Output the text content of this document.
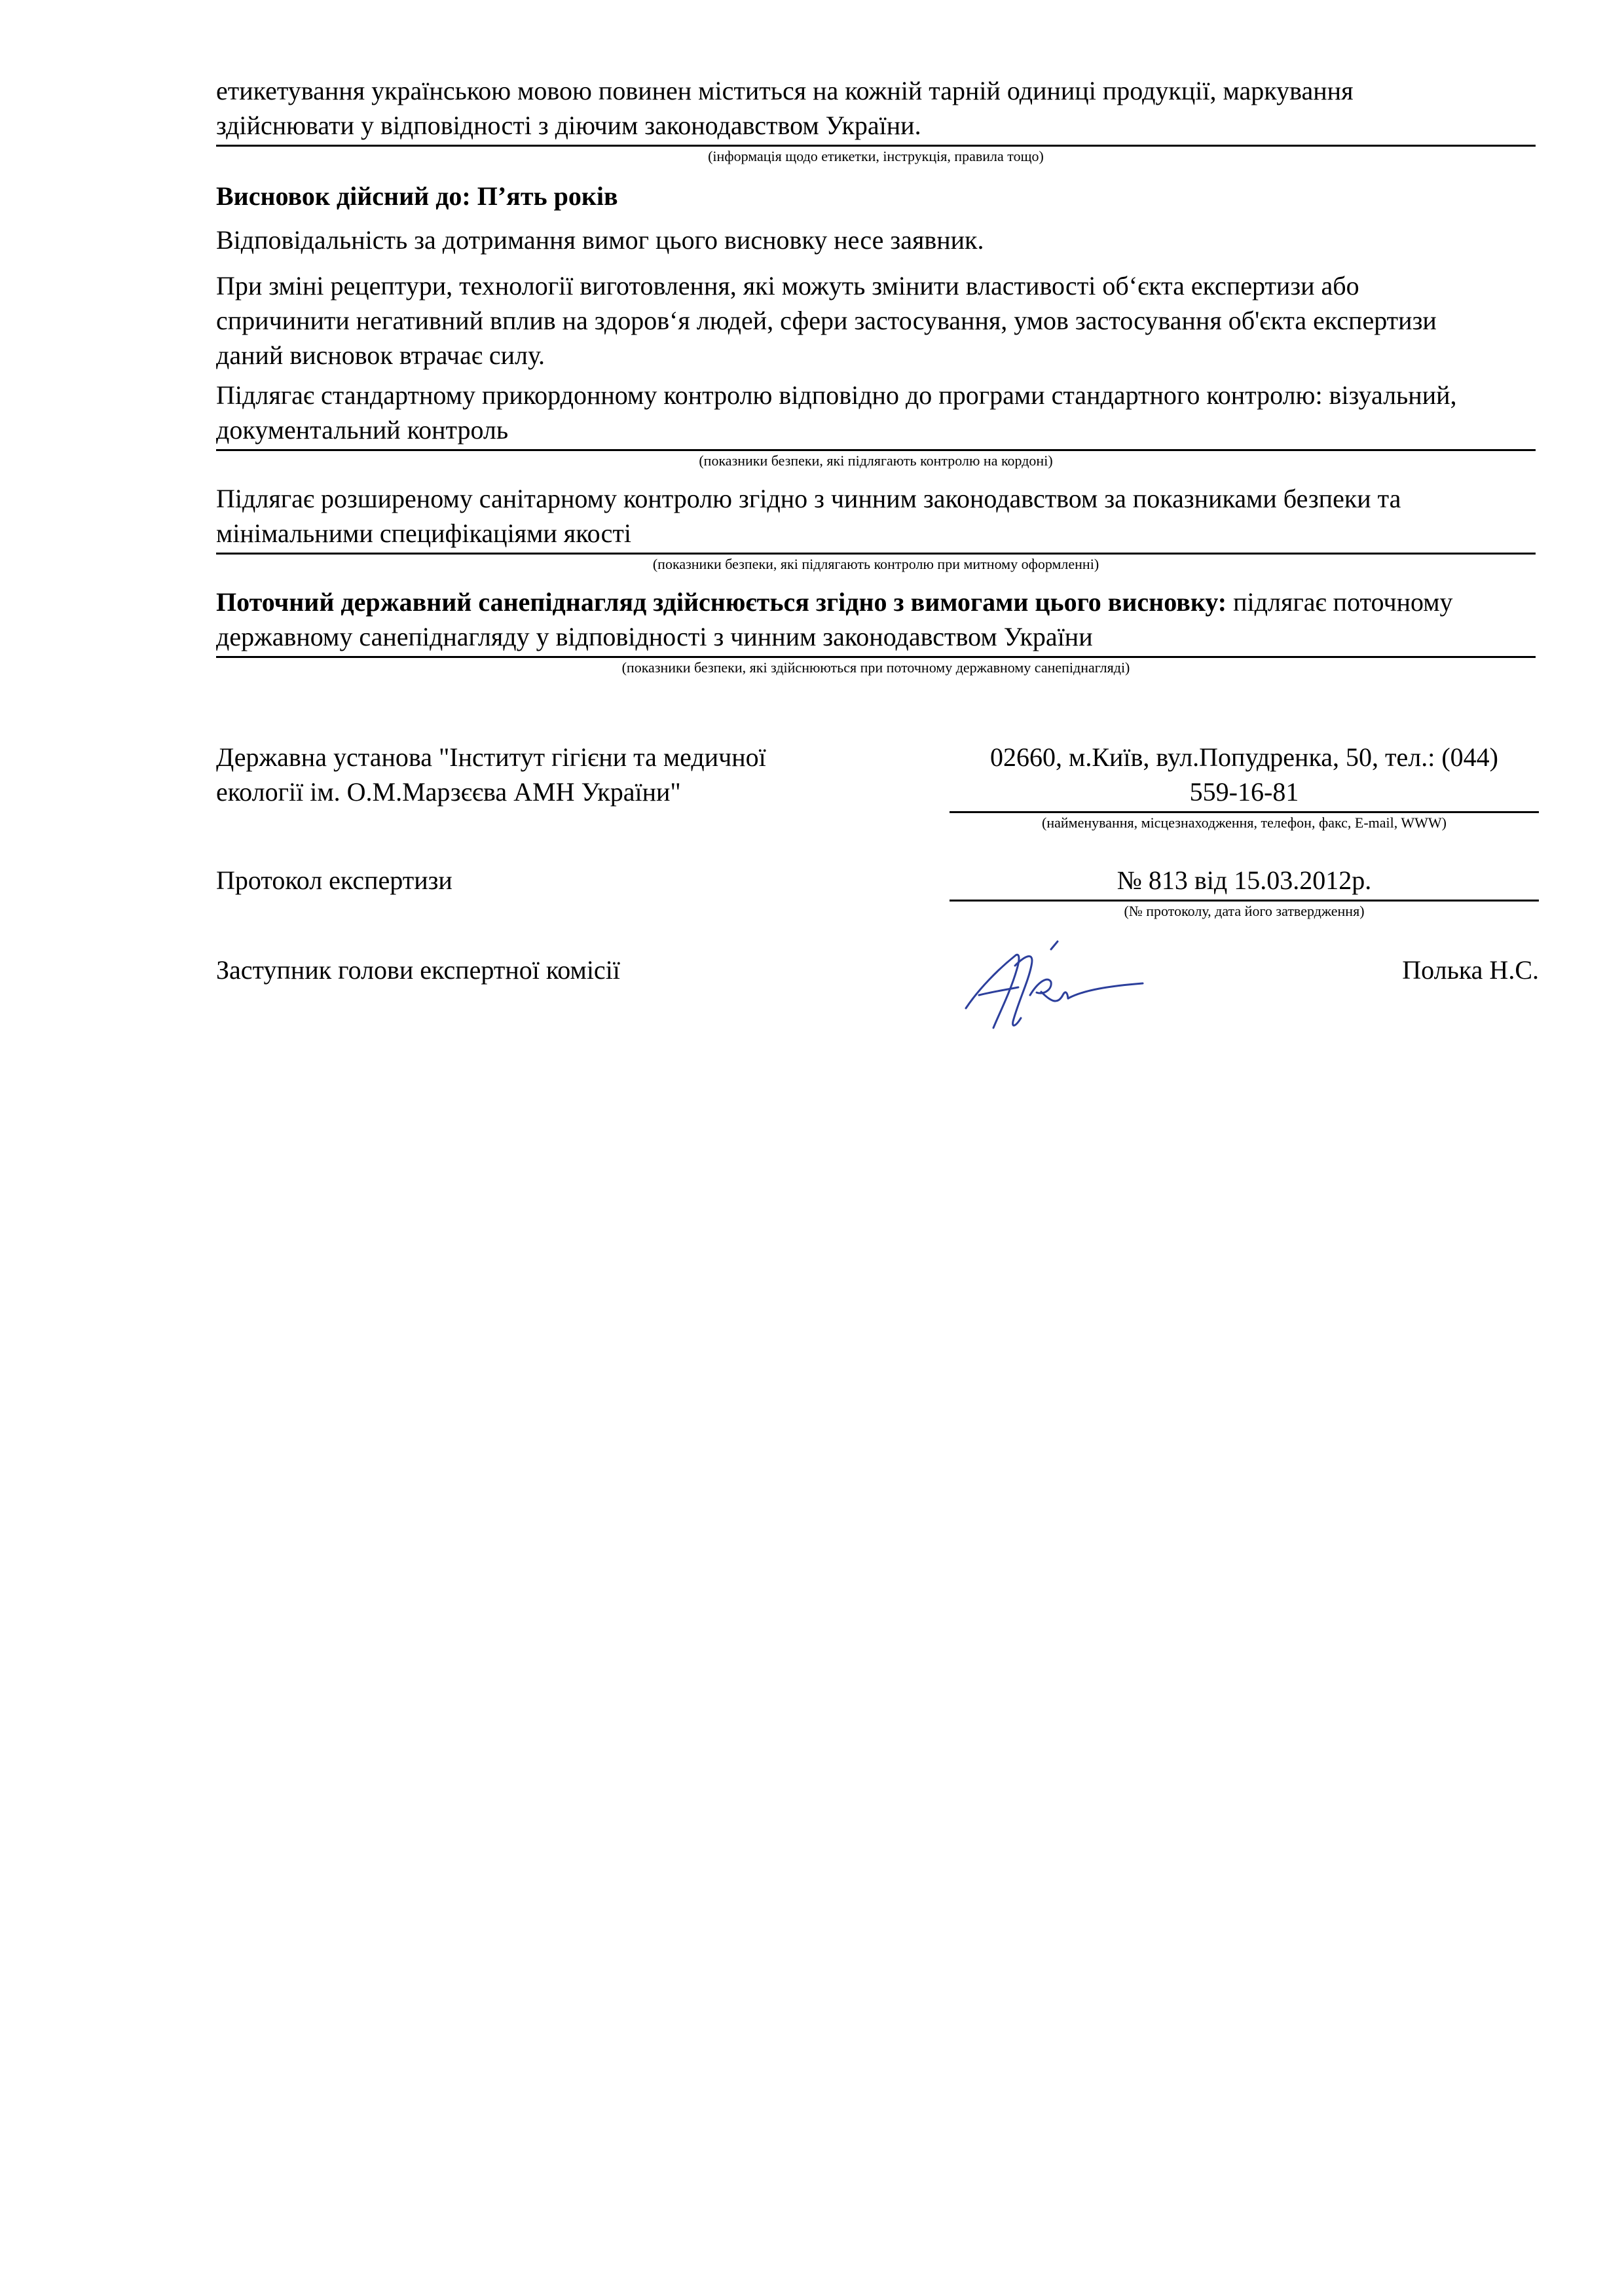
етикетування українською мовою повинен міститься на кожній тарній одиниці продукції, маркування

здійснювати у відповідності з діючим законодавством України.

(інформація щодо етикетки, інструкція, правила тощо)

Висновок дійсний до: П’ять років

Відповідальність за дотримання вимог цього висновку несе заявник.

При зміні рецептури, технології виготовлення, які можуть змінити властивості об‘єкта експертизи або

спричинити негативний вплив на здоров‘я людей, сфери застосування, умов застосування об'єкта експертизи

даний висновок втрачає силу.

Підлягає стандартному прикордонному контролю відповідно до програми стандартного контролю: візуальний,

документальний контроль

(показники безпеки, які підлягають контролю на кордоні)

Підлягає розширеному санітарному контролю згідно з чинним законодавством за показниками безпеки та

мінімальними специфікаціями якості

(показники безпеки, які підлягають контролю при митному оформленні)

Поточний державний санепіднагляд здійснюється згідно з вимогами цього висновку: підлягає поточному

державному санепіднагляду у відповідності з чинним законодавством України

(показники безпеки, які здійснюються при поточному державному санепіднагляді)

Державна установа "Інститут гігієни та медичної

екології ім. О.М.Марзєєва АМН України"

02660, м.Київ, вул.Попудренка, 50, тел.: (044)

559-16-81

(найменування, місцезнаходження, телефон, факс, E-mail, WWW)

Протокол експертизи	№ 813 від 15.03.2012р.

(№ протоколу, дата його затвердження)

Заступник голови експертної комісії	Полька Н.С.
